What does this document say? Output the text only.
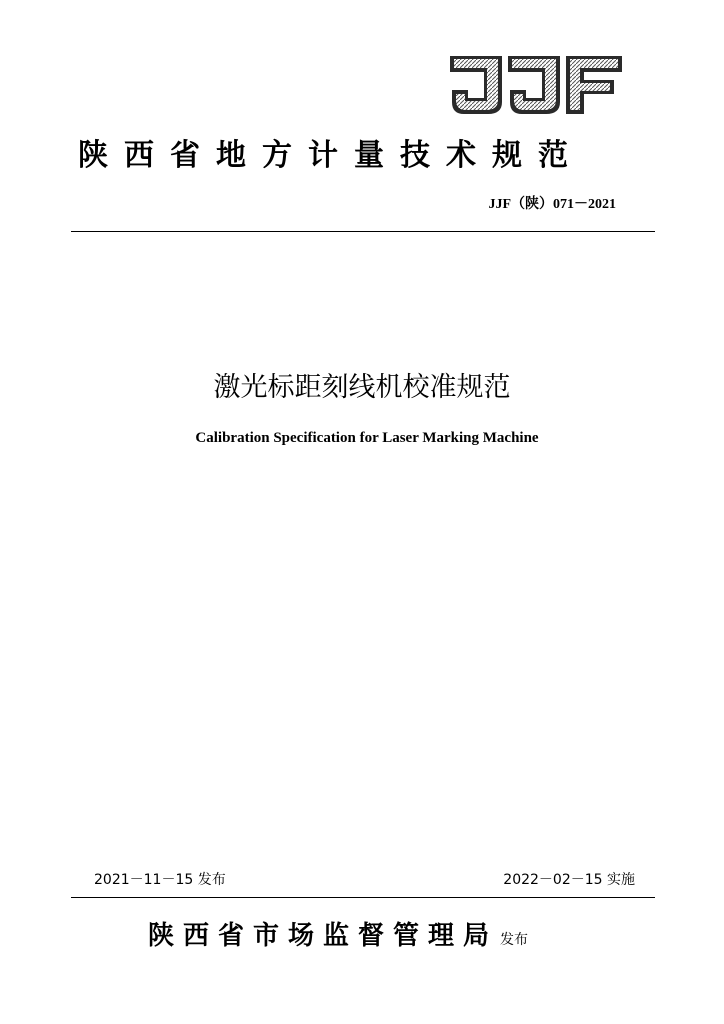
陕西省地方计量技术规范
JJF（陕）071－2021
激光标距刻线机校准规范
Calibration Specification for Laser Marking Machine
2021－11－15 发布	2022－02－15 实施
陕西省市场监督管理局 发布
